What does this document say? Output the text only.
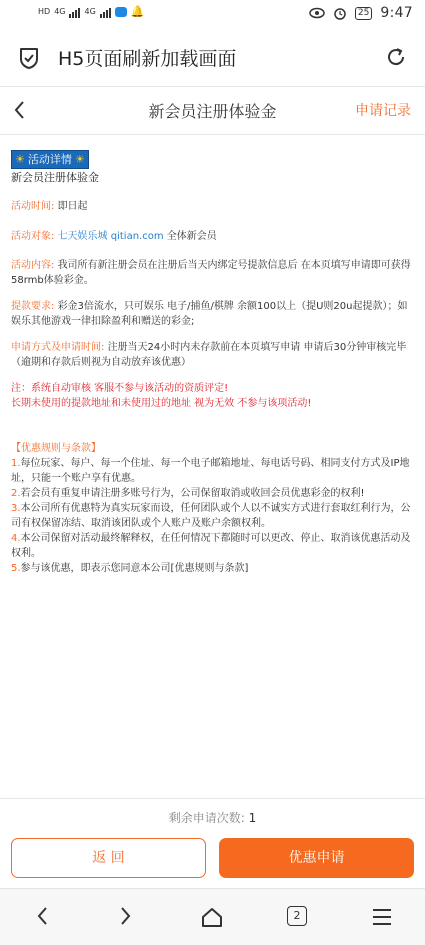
HD 4G 4G	🔔	25 9:47
H5页面刷新加载画面
新会员注册体验金	申请记录
☀ 活动详情 ☀
新会员注册体验金
活动时间: 即日起
活动对象: 七天娱乐城 qitian.com 全体新会员
活动内容: 我司所有新注册会员在注册后当天内绑定号提款信息后 在本页填写申请即可获得58rmb体验彩金。
提款要求: 彩金3倍流水，只可娱乐 电子/捕鱼/棋牌 余额100以上（提U则20u起提款）；如娱乐其他游戏一律扣除盈利和赠送的彩金;
申请方式及申请时间: 注册当天24小时内未存款前在本页填写申请 申请后30分钟审核完毕（逾期和存款后则视为自动放弃该优惠）
注：系统自动审核 客服不参与该活动的资质评定!
长期未使用的提款地址和未使用过的地址 视为无效 不参与该项活动!
【优惠规则与条款】
1.每位玩家、每户、每一个住址、每一个电子邮箱地址、每电话号码、相同支付方式及IP地址，只能一个账户享有优惠。
2.若会员有重复申请注册多账号行为，公司保留取消或收回会员优惠彩金的权利!
3.本公司所有优惠特为真实玩家而设，任何团队或个人以不诚实方式进行套取红利行为，公司有权保留冻结、取消该团队或个人账户及账户余额权利。
4.本公司保留对活动最终解释权，在任何情况下都随时可以更改、停止、取消该优惠活动及权利。
5.参与该优惠，即表示您同意本公司[优惠规则与条款]
剩余申请次数: 1
返 回	优惠申请
2
